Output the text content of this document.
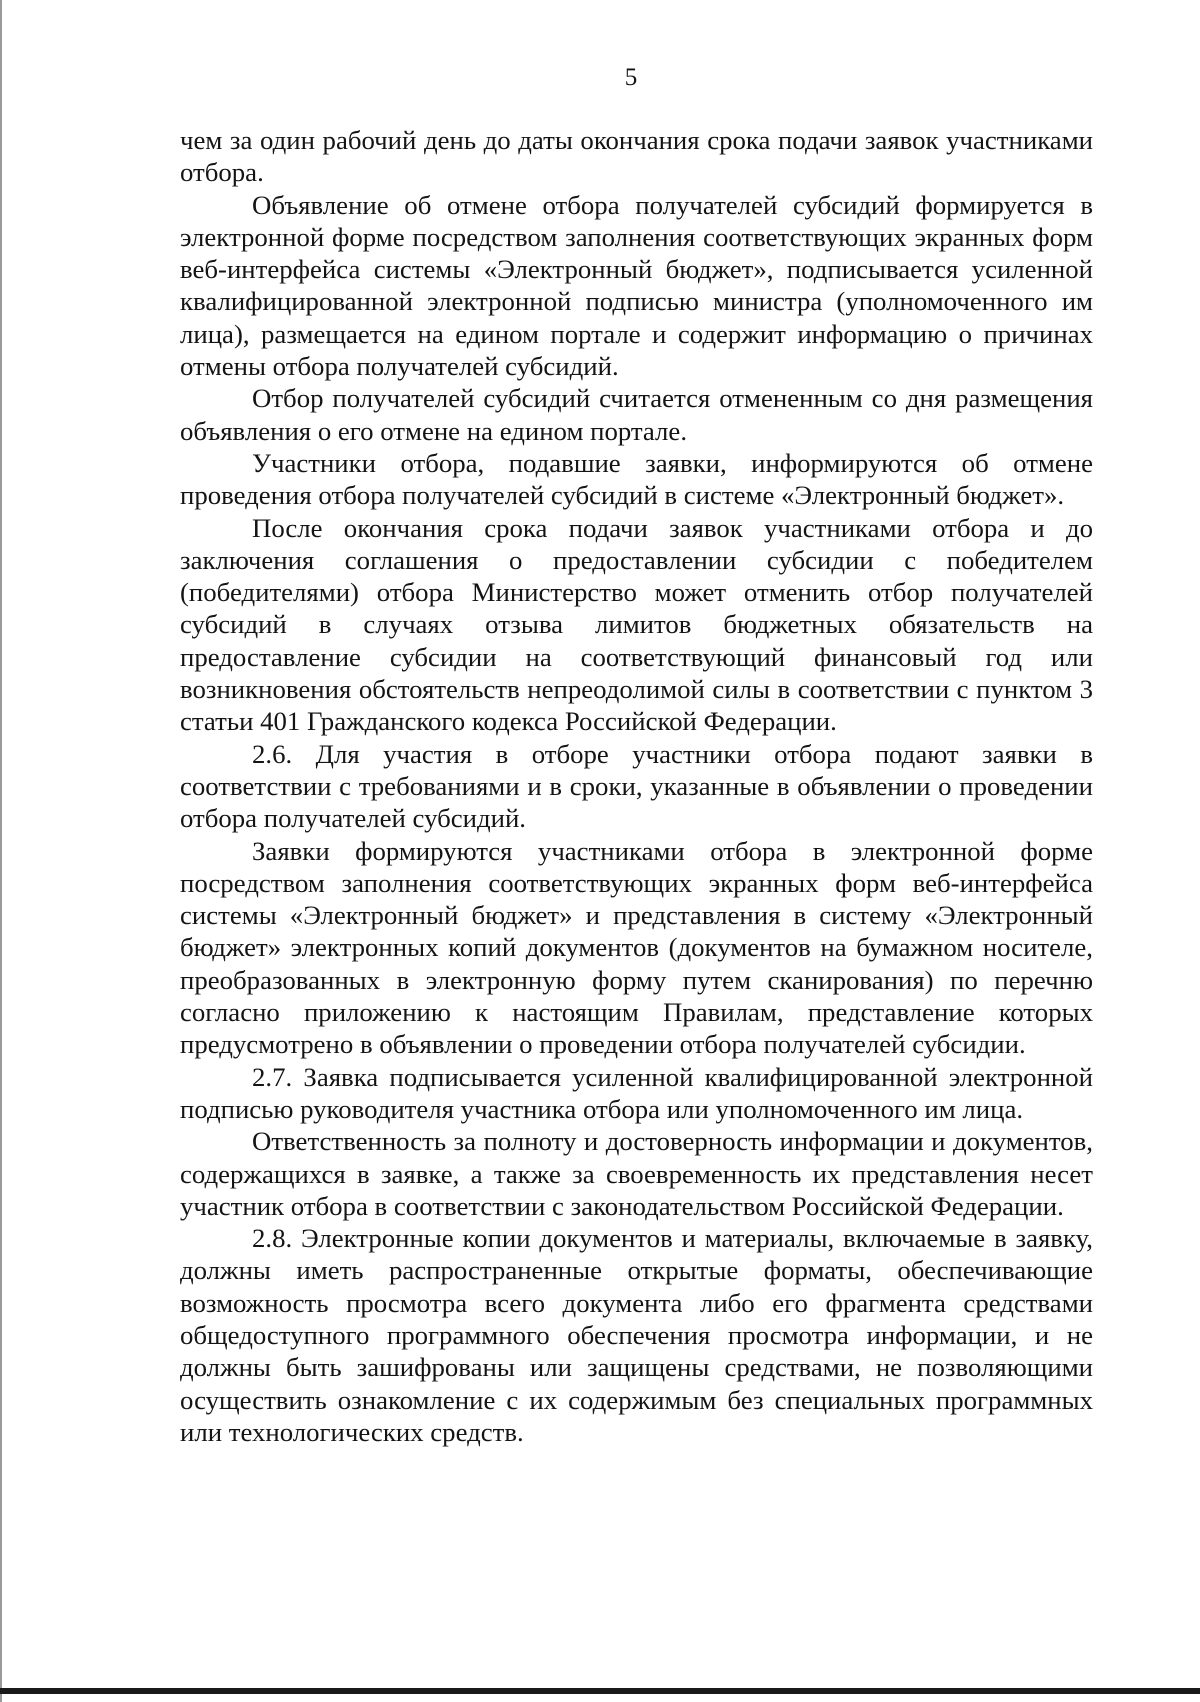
5

чем за один рабочий день до даты окончания срока подачи заявок участниками отбора.

Объявление об отмене отбора получателей субсидий формируется в электронной форме посредством заполнения соответствующих экранных форм веб-интерфейса системы «Электронный бюджет», подписывается усиленной квалифицированной электронной подписью министра (уполномоченного им лица), размещается на едином портале и содержит информацию о причинах отмены отбора получателей субсидий.

Отбор получателей субсидий считается отмененным со дня размещения объявления о его отмене на едином портале.

Участники отбора, подавшие заявки, информируются об отмене проведения отбора получателей субсидий в системе «Электронный бюджет».

После окончания срока подачи заявок участниками отбора и до заключения соглашения о предоставлении субсидии с победителем (победителями) отбора Министерство может отменить отбор получателей субсидий в случаях отзыва лимитов бюджетных обязательств на предоставление субсидии на соответствующий финансовый год или возникновения обстоятельств непреодолимой силы в соответствии с пунктом 3 статьи 401 Гражданского кодекса Российской Федерации.

2.6. Для участия в отборе участники отбора подают заявки в соответствии с требованиями и в сроки, указанные в объявлении о проведении отбора получателей субсидий.

Заявки формируются участниками отбора в электронной форме посредством заполнения соответствующих экранных форм веб-интерфейса системы «Электронный бюджет» и представления в систему «Электронный бюджет» электронных копий документов (документов на бумажном носителе, преобразованных в электронную форму путем сканирования) по перечню согласно приложению к настоящим Правилам, представление которых предусмотрено в объявлении о проведении отбора получателей субсидии.

2.7. Заявка подписывается усиленной квалифицированной электронной подписью руководителя участника отбора или уполномоченного им лица.

Ответственность за полноту и достоверность информации и документов, содержащихся в заявке, а также за своевременность их представления несет участник отбора в соответствии с законодательством Российской Федерации.

2.8. Электронные копии документов и материалы, включаемые в заявку, должны иметь распространенные открытые форматы, обеспечивающие возможность просмотра всего документа либо его фрагмента средствами общедоступного программного обеспечения просмотра информации, и не должны быть зашифрованы или защищены средствами, не позволяющими осуществить ознакомление с их содержимым без специальных программных или технологических средств.
